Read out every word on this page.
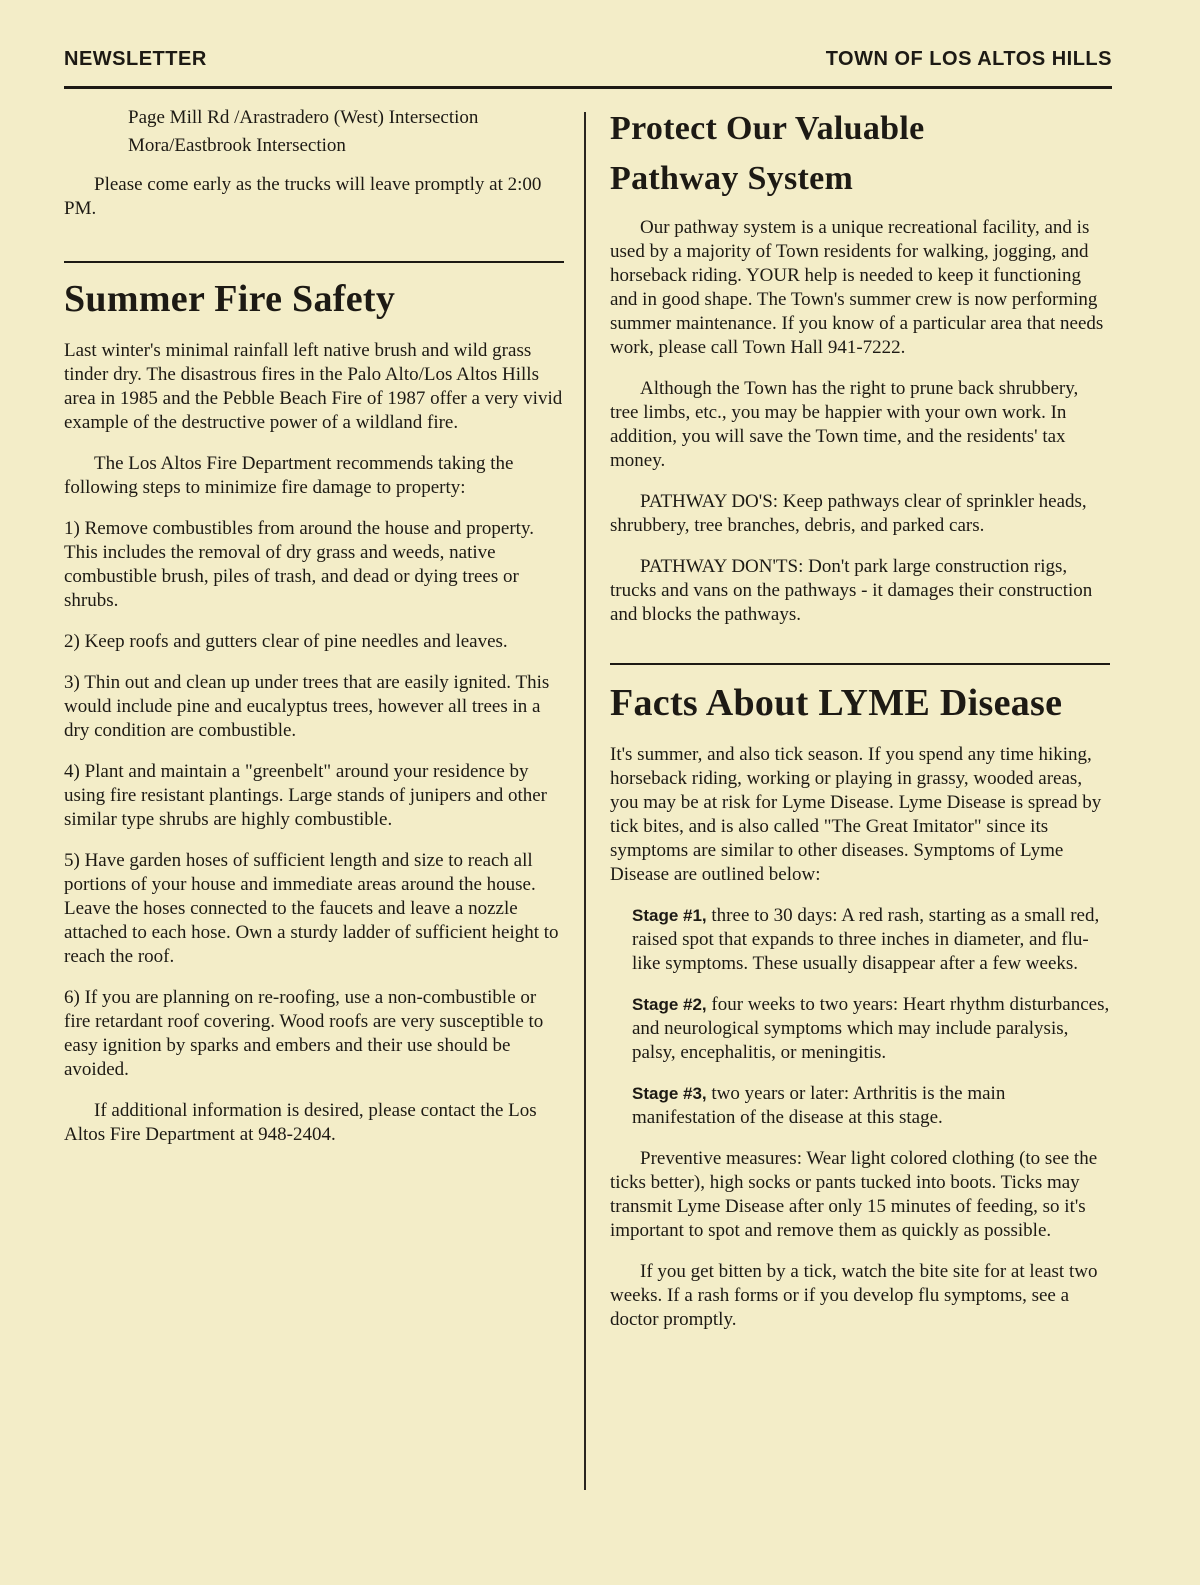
NEWSLETTER	TOWN OF LOS ALTOS HILLS

Page Mill Rd /Arastradero (West) Intersection

Mora/Eastbrook Intersection

Please come early as the trucks will leave promptly at 2:00 PM.

Summer Fire Safety

Last winter's minimal rainfall left native brush and wild grass tinder dry. The disastrous fires in the Palo Alto/Los Altos Hills area in 1985 and the Pebble Beach Fire of 1987 offer a very vivid example of the destructive power of a wildland fire.

The Los Altos Fire Department recommends taking the following steps to minimize fire damage to property:

1) Remove combustibles from around the house and property. This includes the removal of dry grass and weeds, native combustible brush, piles of trash, and dead or dying trees or shrubs.

2) Keep roofs and gutters clear of pine needles and leaves.

3) Thin out and clean up under trees that are easily ignited. This would include pine and eucalyptus trees, however all trees in a dry condition are combustible.

4) Plant and maintain a "greenbelt" around your residence by using fire resistant plantings. Large stands of junipers and other similar type shrubs are highly combustible.

5) Have garden hoses of sufficient length and size to reach all portions of your house and immediate areas around the house. Leave the hoses connected to the faucets and leave a nozzle attached to each hose. Own a sturdy ladder of sufficient height to reach the roof.

6) If you are planning on re-roofing, use a non-combustible or fire retardant roof covering. Wood roofs are very susceptible to easy ignition by sparks and embers and their use should be avoided.

If additional information is desired, please contact the Los Altos Fire Department at 948-2404.

Protect Our Valuable
Pathway System

Our pathway system is a unique recreational facility, and is used by a majority of Town residents for walking, jogging, and horseback riding. YOUR help is needed to keep it functioning and in good shape. The Town's summer crew is now performing summer maintenance. If you know of a particular area that needs work, please call Town Hall 941-7222.

Although the Town has the right to prune back shrubbery, tree limbs, etc., you may be happier with your own work. In addition, you will save the Town time, and the residents' tax money.

PATHWAY DO'S: Keep pathways clear of sprinkler heads, shrubbery, tree branches, debris, and parked cars.

PATHWAY DON'TS: Don't park large construction rigs, trucks and vans on the pathways - it damages their construction and blocks the pathways.

Facts About LYME Disease

It's summer, and also tick season. If you spend any time hiking, horseback riding, working or playing in grassy, wooded areas, you may be at risk for Lyme Disease. Lyme Disease is spread by tick bites, and is also called "The Great Imitator" since its symptoms are similar to other diseases. Symptoms of Lyme Disease are outlined below:

Stage #1, three to 30 days: A red rash, starting as a small red, raised spot that expands to three inches in diameter, and flu-like symptoms. These usually disappear after a few weeks.

Stage #2, four weeks to two years: Heart rhythm disturbances, and neurological symptoms which may include paralysis, palsy, encephalitis, or meningitis.

Stage #3, two years or later: Arthritis is the main manifestation of the disease at this stage.

Preventive measures: Wear light colored clothing (to see the ticks better), high socks or pants tucked into boots. Ticks may transmit Lyme Disease after only 15 minutes of feeding, so it's important to spot and remove them as quickly as possible.

If you get bitten by a tick, watch the bite site for at least two weeks. If a rash forms or if you develop flu symptoms, see a doctor promptly.
